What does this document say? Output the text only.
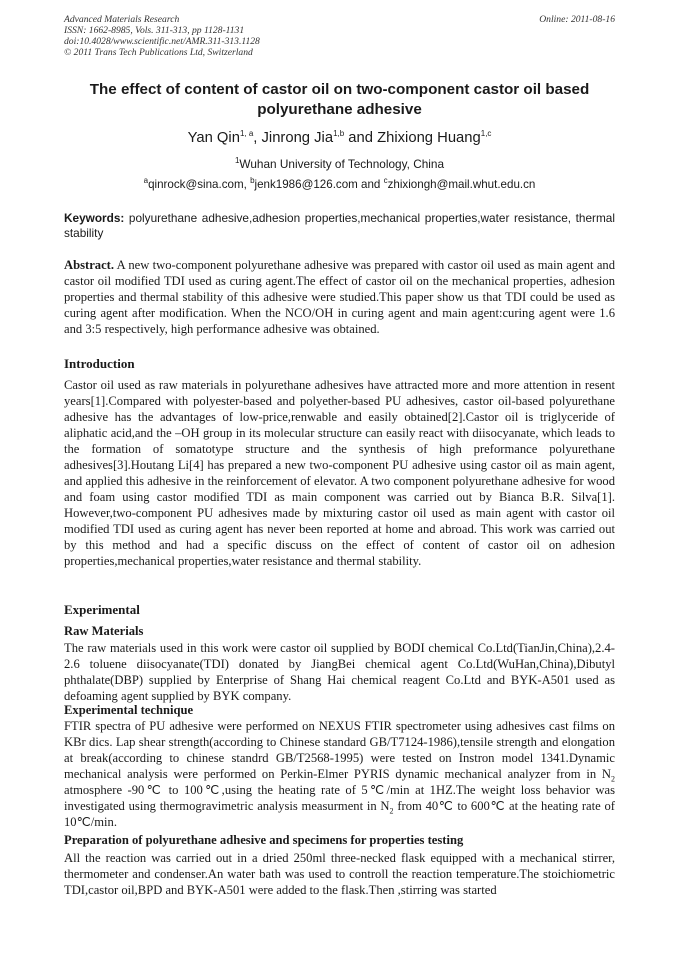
Advanced Materials Research
ISSN: 1662-8985, Vols. 311-313, pp 1128-1131
doi:10.4028/www.scientific.net/AMR.311-313.1128
© 2011 Trans Tech Publications Ltd, Switzerland
Online: 2011-08-16
The effect of content of castor oil on two-component castor oil based
polyurethane adhesive
Yan Qin$^{1, a}$, Jinrong Jia$^{1,b}$ and Zhixiong Huang$^{1,c}$
$^1$Wuhan University of Technology, China
$^a$qinrock@sina.com, $^b$jenk1986@126.com and $^c$zhixiongh@mail.whut.edu.cn
Keywords: polyurethane adhesive,adhesion properties,mechanical properties,water resistance, thermal stability
Abstract. A new two-component polyurethane adhesive was prepared with castor oil used as main agent and castor oil modified TDI used as curing agent.The effect of castor oil on the mechanical properties, adhesion properties and thermal stability of this adhesive were studied.This paper show us that TDI could be used as curing agent after modification. When the NCO/OH in curing agent and main agent:curing agent were 1.6 and 3:5 respectively, high performance adhesive was obtained.
Introduction
Castor oil used as raw materials in polyurethane adhesives have attracted more and more attention in resent years[1].Compared with polyester-based and polyether-based PU adhesives, castor oil-based polyurethane adhesive has the advantages of low-price,renwable and easily obtained[2].Castor oil is triglyceride of aliphatic acid,and the –OH group in its molecular structure can easily react with diisocyanate, which leads to the formation of somatotype structure and the synthesis of high preformance polyurethane adhesives[3].Houtang Li[4] has prepared a new two-component PU adhesive using castor oil as main agent, and applied this adhesive in the reinforcement of elevator. A two component polyurethane adhesive for wood and foam using castor modified TDI as main component was carried out by Bianca B.R. Silva[1]. However,two-component PU adhesives made by mixturing castor oil used as main agent with castor oil modified TDI used as curing agent has never been reported at home and abroad. This work was carried out by this method and had a specific discuss on the effect of content of castor oil on adhesion properties,mechanical properties,water resistance and thermal stability.
Experimental
Raw Materials
The raw materials used in this work were castor oil supplied by BODI chemical Co.Ltd(TianJin,China),2.4-2.6 toluene diisocyanate(TDI) donated by JiangBei chemical agent Co.Ltd(WuHan,China),Dibutyl phthalate(DBP) supplied by Enterprise of Shang Hai chemical reagent Co.Ltd and BYK-A501 used as defoaming agent supplied by BYK company.
Experimental technique
FTIR spectra of PU adhesive were performed on NEXUS FTIR spectrometer using adhesives cast films on KBr dics. Lap shear strength(according to Chinese standard GB/T7124-1986),tensile strength and elongation at break(according to chinese standrd GB/T2568-1995) were tested on Instron model 1341.Dynamic mechanical analysis were performed on Perkin-Elmer PYRIS dynamic mechanical analyzer from in $N_2$ atmosphere -90℃ to 100℃,using the heating rate of 5℃/min at 1HZ.The weight loss behavior was investigated using thermogravimetric analysis measurment in $N_2$ from 40℃ to 600℃ at the heating rate of 10℃/min.
Preparation of polyurethane adhesive and specimens for properties testing
All the reaction was carried out in a dried 250ml three-necked flask equipped with a mechanical stirrer, thermometer and condenser.An water bath was used to controll the reaction temperature.The stoichiometric TDI,castor oil,BPD and BYK-A501 were added to the flask.Then ,stirring was started
